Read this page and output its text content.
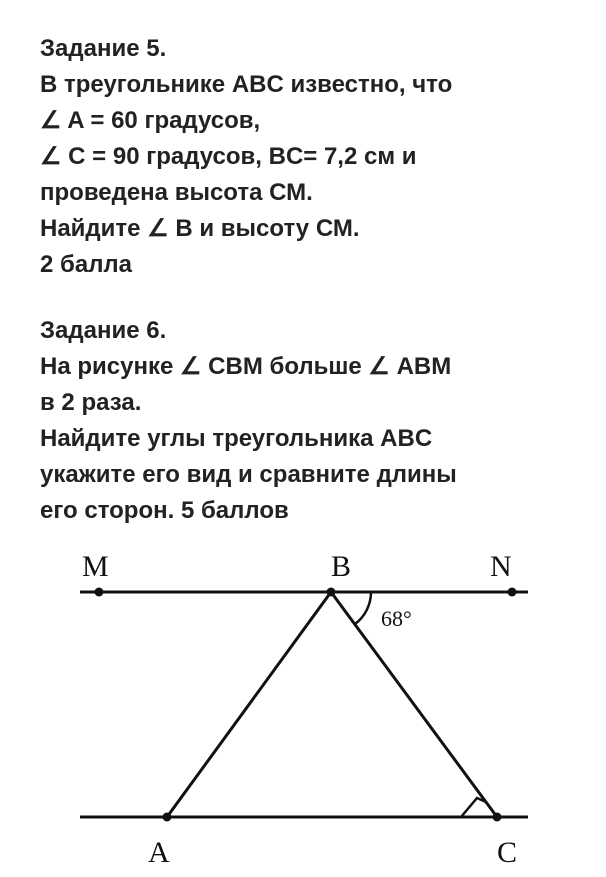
Задание 5.
В треугольнике ABC известно, что
∠ A = 60 градусов,
∠ C = 90 градусов, BC= 7,2 см и
проведена высота СМ.
Найдите ∠ B и высоту СМ.
2 балла
Задание 6.
На рисунке ∠ CBM больше ∠ ABM
в 2 раза.
Найдите углы треугольника ABC
укажите его вид и сравните длины
его сторон. 5 баллов
M	B	N
A	C
68°
